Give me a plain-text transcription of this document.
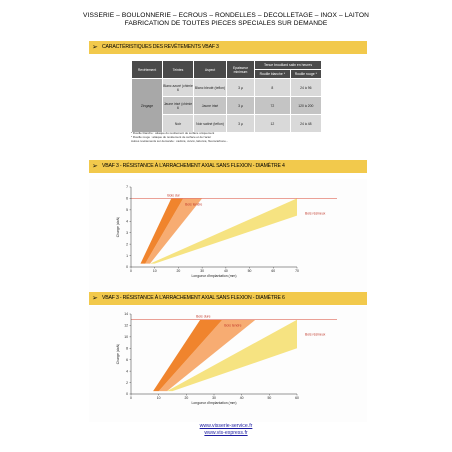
VISSERIE – BOULONNERIE – ECROUS – RONDELLES – DECOLLETAGE – INOX – LAITON
FABRICATION DE TOUTES PIECES SPECIALES SUR DEMANDE
➢ CARACTÉRISTIQUES DES REVÊTEMENTS VBAF 3
Revêtement	Teintes	Aspect	Epaisseur minimum	Tenue brouillard salin en heures	
				Rouille blanche *	Rouille rouge *
Zingage	Blanc azuré (chimie 6	Blanc bleuté (teflon)	3 µ	8	24 à 96
	Jaune irisé (chimie 6	Jaune irisé	3 µ	72	120 à 200
	Noir	Noir satiné (teflon)	3 µ	12	24 à 48
* Rouille blanche : attaque du revêtement de surface uniquement
* Rouille rouge : attaque du revêtement de surface et de l'acier
Autres revêtements sur demande : cadmié, cuivré, laitonné, fluorocarbone...
➢ VBAF 3 - RÉSISTANCE À L'ARRACHEMENT AXIAL SANS FLEXION - DIAMÈTRE 4
0	10	20	30	40	50	60	70
0
1
2
3
4
5
6
7
Longueur d'implantation (mm)
Charge (daN)
Bois dur
Bois tendre
Bois résineux
➢ VBAF 3 - RÉSISTANCE À L'ARRACHEMENT AXIAL SANS FLEXION - DIAMÈTRE 6
0	10	20	30	40	50	60
0
2
4
6
8
10
12
14
Longueur d'implantation (mm)
Charge (daN)
Bois dure
Bois tendre
Bois résineux
www.visserie-service.fr
www.vis-express.fr
